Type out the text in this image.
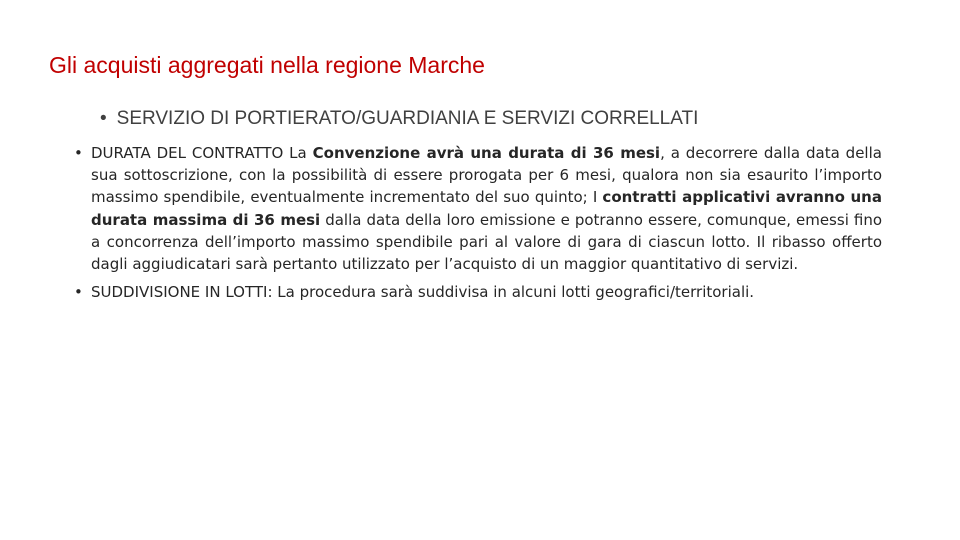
Gli acquisti aggregati nella regione Marche
• SERVIZIO DI PORTIERATO/GUARDIANIA E SERVIZI CORRELLATI
• DURATA DEL CONTRATTO La Convenzione avrà una durata di 36 mesi, a decorrere dalla data della sua sottoscrizione, con la possibilità di essere prorogata per 6 mesi, qualora non sia esaurito l’importo massimo spendibile, eventualmente incrementato del suo quinto; I contratti applicativi avranno una durata massima di 36 mesi dalla data della loro emissione e potranno essere, comunque, emessi fino a concorrenza dell’importo massimo spendibile pari al valore di gara di ciascun lotto. Il ribasso offerto dagli aggiudicatari sarà pertanto utilizzato per l’acquisto di un maggior quantitativo di servizi.
• SUDDIVISIONE IN LOTTI: La procedura sarà suddivisa in alcuni lotti geografici/territoriali.
